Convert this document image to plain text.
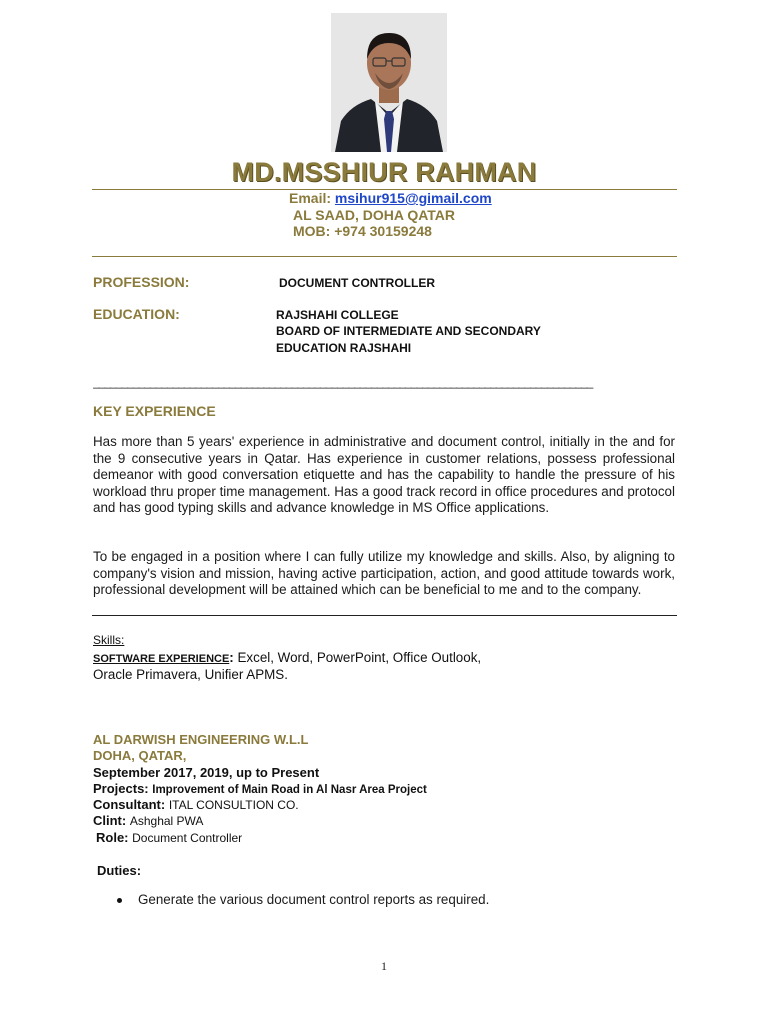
MD.MSSHIUR RAHMAN
Email: msihur915@gimail.com
AL SAAD, DOHA QATAR
MOB: +974 30159248
PROFESSION:	DOCUMENT CONTROLLER
EDUCATION:	RAJSHAHI COLLEGE
BOARD OF INTERMEDIATE AND SECONDARY
EDUCATION RAJSHAHI
________________________________________________________________________________________
KEY EXPERIENCE
Has more than 5 years' experience in administrative and document control, initially in the and for the 9 consecutive years in Qatar. Has experience in customer relations, possess professional demeanor with good conversation etiquette and has the capability to handle the pressure of his workload thru proper time management. Has a good track record in office procedures and protocol and has good typing skills and advance knowledge in MS Office applications.
To be engaged in a position where I can fully utilize my knowledge and skills. Also, by aligning to company's vision and mission, having active participation, action, and good attitude towards work, professional development will be attained which can be beneficial to me and to the company.
Skills:
SOFTWARE EXPERIENCE: Excel, Word, PowerPoint, Office Outlook,
Oracle Primavera, Unifier APMS.
AL DARWISH ENGINEERING W.L.L
DOHA, QATAR,
September 2017, 2019, up to Present
Projects: Improvement of Main Road in Al Nasr Area Project
Consultant: ITAL CONSULTION CO.
Clint: Ashghal PWA
Role: Document Controller
Duties:
Generate the various document control reports as required.
1
